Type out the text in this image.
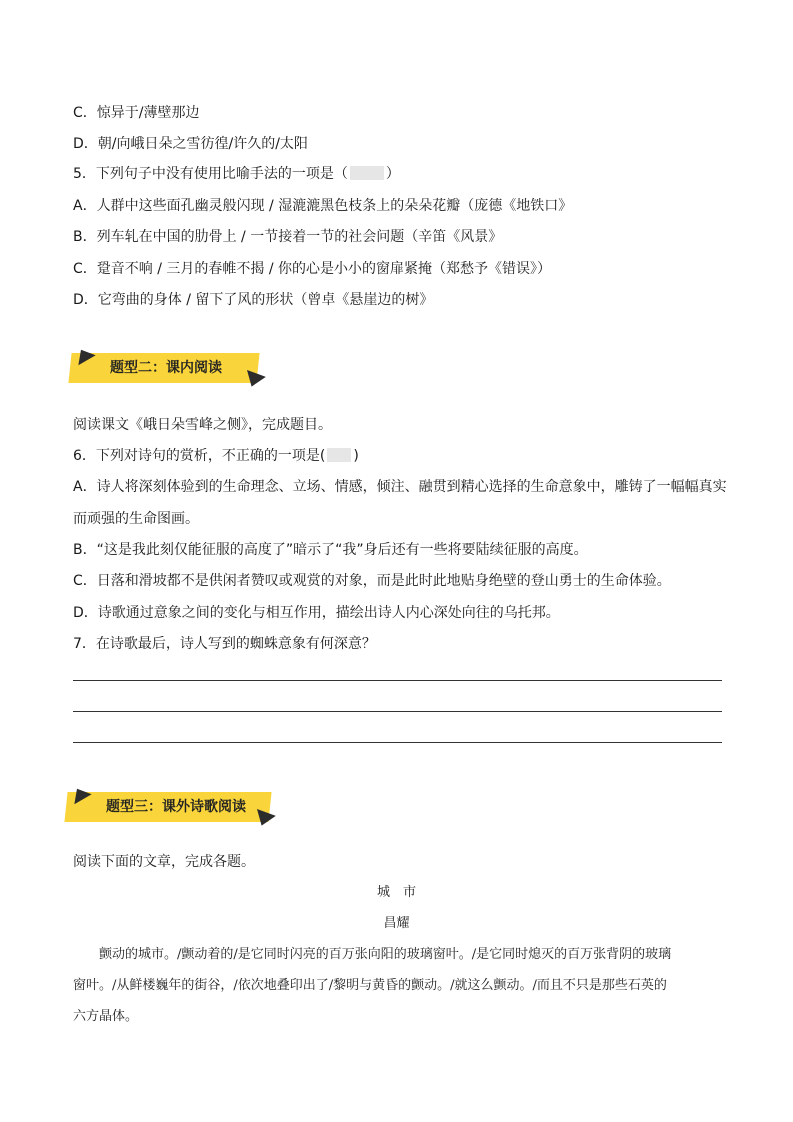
C．惊异于/薄壁那边
D．朝/向峨日朵之雪彷徨/许久的/太阳
5．下列句子中没有使用比喻手法的一项是（	）
A．人群中这些面孔幽灵般闪现 / 湿漉漉黑色枝条上的朵朵花瓣（庞德《地铁口》
B．列车轧在中国的肋骨上 / 一节接着一节的社会问题（辛笛《风景》
C．跫音不响 / 三月的春帷不揭 / 你的心是小小的窗扉紧掩（郑愁予《错误》）
D．它弯曲的身体 / 留下了风的形状（曾卓《悬崖边的树》
题型二：课内阅读
阅读课文《峨日朵雪峰之侧》，完成题目。
6．下列对诗句的赏析，不正确的一项是( )
A．诗人将深刻体验到的生命理念、立场、情感，倾注、融贯到精心选择的生命意象中，雕铸了一幅幅真实
而顽强的生命图画。
B．“这是我此刻仅能征服的高度了”暗示了“我”身后还有一些将要陆续征服的高度。
C．日落和滑坡都不是供闲者赞叹或观赏的对象，而是此时此地贴身绝壁的登山勇士的生命体验。
D．诗歌通过意象之间的变化与相互作用，描绘出诗人内心深处向往的乌托邦。
7．在诗歌最后，诗人写到的蜘蛛意象有何深意？
题型三：课外诗歌阅读
阅读下面的文章，完成各题。
城　市
昌耀
　　颤动的城市。/颤动着的/是它同时闪亮的百万张向阳的玻璃窗叶。/是它同时熄灭的百万张背阴的玻璃
窗叶。/从鲜楼巍年的街谷，/依次地叠印出了/黎明与黄昏的颤动。/就这么颤动。/而且不只是那些石英的
六方晶体。
